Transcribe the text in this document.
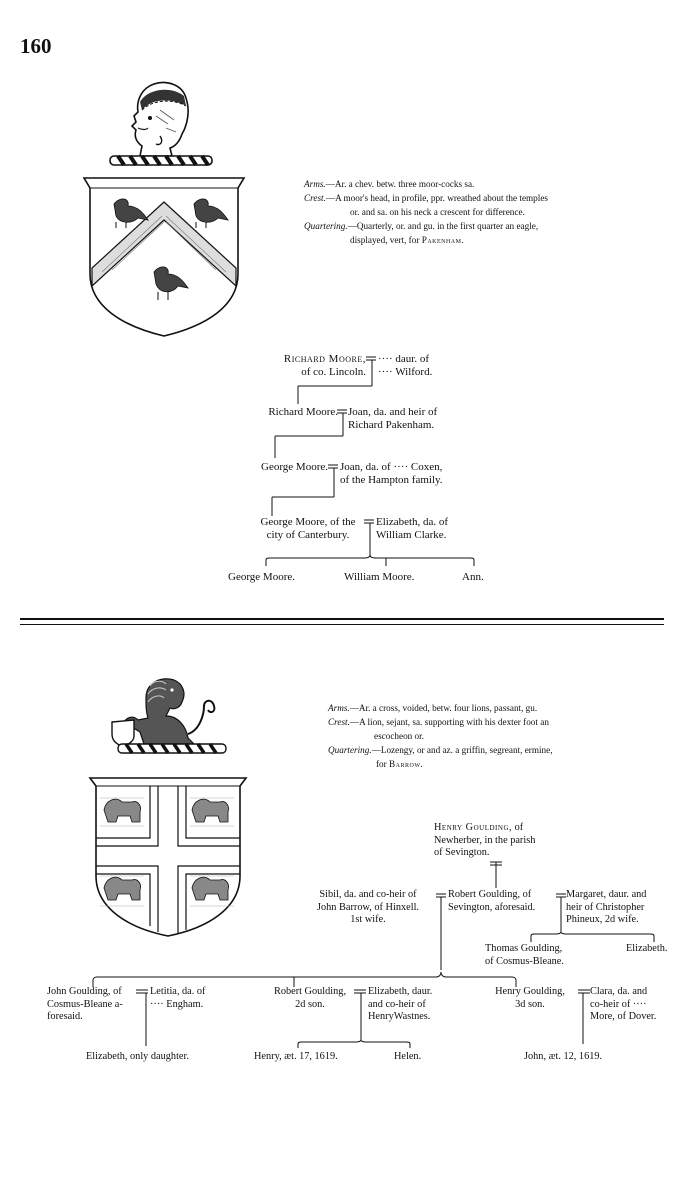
160
Arms.—Ar. a chev. betw. three moor-cocks sa.
Crest.—A moor's head, in profile, ppr. wreathed about the temples
or. and sa. on his neck a crescent for difference.
Quartering.—Quarterly, or. and gu. in the first quarter an eagle,
displayed, vert, for Pakenham.
Richard Moore,
of co. Lincoln.
···· daur. of
···· Wilford.
Richard Moore. Joan, da. and heir of
Richard Pakenham.
George Moore. Joan, da. of ···· Coxen,
of the Hampton family.
George Moore, of the
city of Canterbury.
Elizabeth, da. of
William Clarke.
George Moore.	William Moore.	Ann.
Arms.—Ar. a cross, voided, betw. four lions, passant, gu.
Crest.—A lion, sejant, sa. supporting with his dexter foot an
escocheon or.
Quartering.—Lozengy, or and az. a griffin, segreant, ermine,
for Barrow.
Henry Goulding, of
Newherber, in the parish
of Sevington.
Sibil, da. and co-heir of
John Barrow, of Hinxell.
1st wife.
Robert Goulding, of
Sevington, aforesaid.
Margaret, daur. and
heir of Christopher
Phineux, 2d wife.
Thomas Goulding,
of Cosmus-Bleane.
Elizabeth.
John Goulding, of
Cosmus-Bleane a-
foresaid.
Letitia, da. of
···· Engham.
Robert Goulding,
2d son.
Elizabeth, daur.
and co-heir of
HenryWastnes.
Henry Goulding,
3d son.
Clara, da. and
co-heir of ····
More, of Dover.
Elizabeth, only daughter.	Henry, æt. 17, 1619.	Helen.	John, æt. 12, 1619.
